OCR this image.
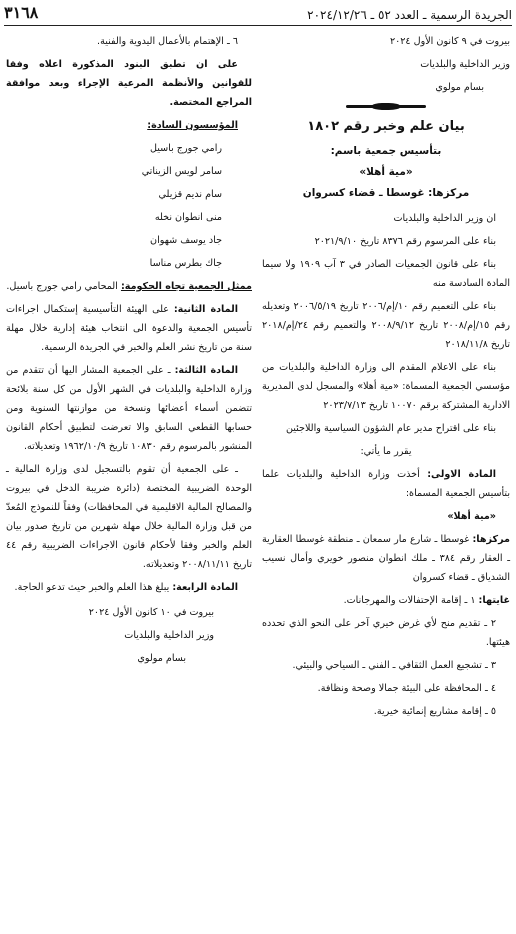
٣١٦٨	الجريدة الرسمية ـ العدد ٥٢ ـ ٢٠٢٤/١٢/٢٦

بيروت في ٩ كانون الأول ٢٠٢٤

وزير الداخلية والبلديات

بسام مولوي

بيان علم وخبر رقم ١٨٠٢
بتأسيس جمعية باسم:
«مية أهلا»
مركزها: غوسطا ـ قضاء كسروان

ان وزير الداخلية والبلديات

بناء على المرسوم رقم ٨٣٧٦ تاريخ ٢٠٢١/٩/١٠

بناء على قانون الجمعيات الصادر في ٣ آب ١٩٠٩ ولا سيما المادة السادسة منه

بناء على التعميم رقم ١٠/إم/٢٠٠٦ تاريخ ٢٠٠٦/٥/١٩ وتعديله رقم ١٥/إم/٢٠٠٨ تاريخ ٢٠٠٨/٩/١٢ والتعميم رقم ٢٤/إم/٢٠١٨ تاريخ ٢٠١٨/١١/٨

بناء على الاعلام المقدم الى وزارة الداخلية والبلديات من مؤسسي الجمعية المسماة: «مية أهلا» والمسجل لدى المديرية الادارية المشتركة برقم ١٠٠٧٠ تاريخ ٢٠٢٣/٧/١٣

بناء على اقتراح مدير عام الشؤون السياسية واللاجئين

يقرر ما يأتي:

المادة الاولى: أخذت وزارة الداخلية والبلديات علما بتأسيس الجمعية المسماة:

«مية أهلا»

مركزها: غوسطا ـ شارع مار سمعان ـ منطقة غوسطا العقارية ـ العقار رقم ٣٨٤ ـ ملك انطوان منصور خويري وأمال نسيب الشدياق ـ قضاء كسروان

غايتها: ١ ـ إقامة الإحتفالات والمهرجانات.

٢ ـ تقديم منح لأي غرض خيري آخر على النحو الذي تحدده هيئتها.

٣ ـ تشجيع العمل الثقافي ـ الفني ـ السياحي والبيئي.

٤ ـ المحافظة على البيئة جمالا وصحة ونظافة.

٥ ـ إقامة مشاريع إنمائية خيرية.

٦ ـ الإهتمام بالأعمال اليدوية والفنية.

على ان تطبق البنود المذكورة اعلاه وفقا للقوانين والأنظمة المرعية الإجراء وبعد موافقة المراجع المختصة.

المؤسسون السادة:

رامي جورج باسيل

سامر لويس الزيناتي

سام نديم قزيلي

منى انطوان نخله

جاد يوسف شهوان

جاك بطرس مناسا

ممثل الجمعية تجاه الحكومة: المحامي رامي جورج باسيل.

المادة الثانية: على الهيئة التأسيسية إستكمال اجراءات تأسيس الجمعية والدعوة الى انتخاب هيئة إدارية خلال مهلة سنة من تاريخ نشر العلم والخبر في الجريدة الرسمية.

المادة الثالثة: ـ على الجمعية المشار اليها أن تتقدم من وزارة الداخلية والبلديات في الشهر الأول من كل سنة بلائحة تتضمن أسماء أعضائها ونسخة من موازنتها السنوية ومن حسابها القطعي السابق والا تعرضت لتطبيق أحكام القانون المنشور بالمرسوم رقم ١٠٨٣٠ تاريخ ١٩٦٢/١٠/٩ وتعديلاته.

ـ على الجمعية أن تقوم بالتسجيل لدى وزارة المالية ـ الوحدة الضريبية المختصة (دائرة ضريبة الدخل في بيروت والمصالح المالية الاقليمية في المحافظات) وفقاً للنموذج المُعدّ من قبل وزارة المالية خلال مهلة شهرين من تاريخ صدور بيان العلم والخبر وفقا لأحكام قانون الاجراءات الضريبية رقم ٤٤ تاريخ ٢٠٠٨/١١/١١ وتعديلاته.

المادة الرابعة: يبلغ هذا العلم والخبر حيث تدعو الحاجة.

بيروت في ١٠ كانون الأول ٢٠٢٤

وزير الداخلية والبلديات

بسام مولوي
